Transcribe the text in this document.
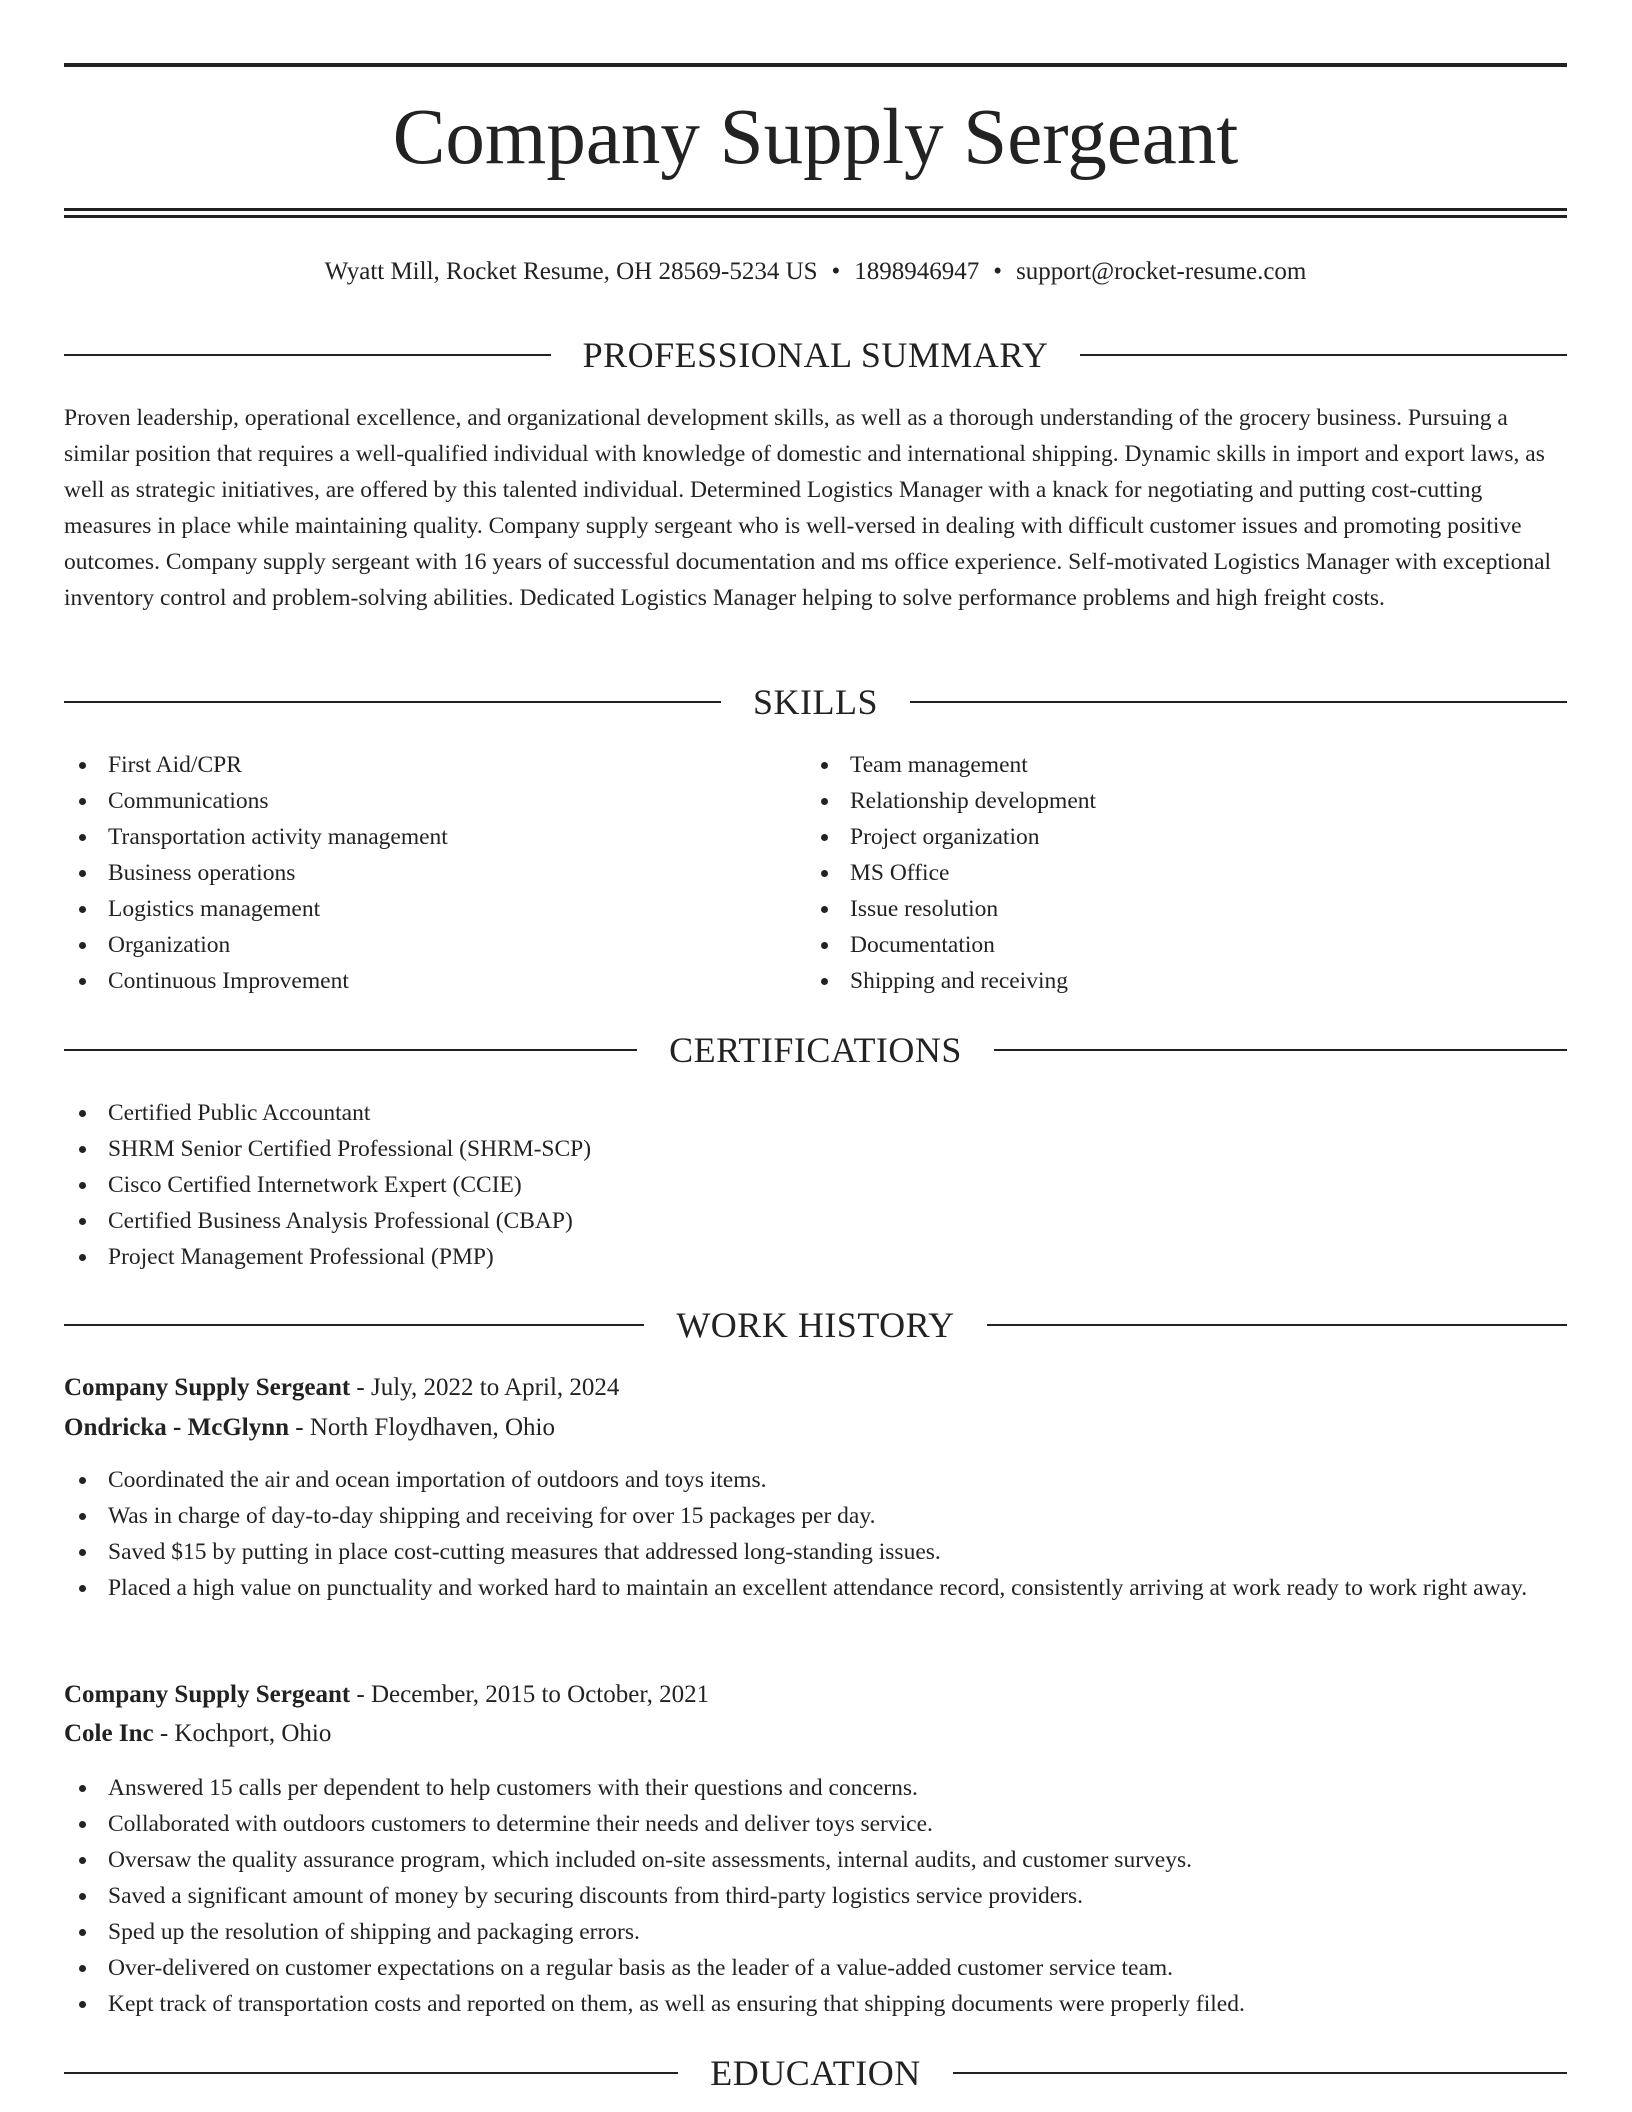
Company Supply Sergeant
Wyatt Mill, Rocket Resume, OH 28569-5234 US • 1898946947 • support@rocket-resume.com
PROFESSIONAL SUMMARY

Proven leadership, operational excellence, and organizational development skills, as well as a thorough understanding of the grocery business. Pursuing a similar position that requires a well-qualified individual with knowledge of domestic and international shipping. Dynamic skills in import and export laws, as well as strategic initiatives, are offered by this talented individual. Determined Logistics Manager with a knack for negotiating and putting cost-cutting measures in place while maintaining quality. Company supply sergeant who is well-versed in dealing with difficult customer issues and promoting positive outcomes. Company supply sergeant with 16 years of successful documentation and ms office experience. Self-motivated Logistics Manager with exceptional inventory control and problem-solving abilities. Dedicated Logistics Manager helping to solve performance problems and high freight costs.

SKILLS
First Aid/CPR
Communications
Transportation activity management
Business operations
Logistics management
Organization
Continuous Improvement
Team management
Relationship development
Project organization
MS Office
Issue resolution
Documentation
Shipping and receiving
CERTIFICATIONS
Certified Public Accountant
SHRM Senior Certified Professional (SHRM-SCP)
Cisco Certified Internetwork Expert (CCIE)
Certified Business Analysis Professional (CBAP)
Project Management Professional (PMP)
WORK HISTORY
Company Supply Sergeant - July, 2022 to April, 2024
Ondricka - McGlynn - North Floydhaven, Ohio
Coordinated the air and ocean importation of outdoors and toys items.
Was in charge of day-to-day shipping and receiving for over 15 packages per day.
Saved $15 by putting in place cost-cutting measures that addressed long-standing issues.
Placed a high value on punctuality and worked hard to maintain an excellent attendance record, consistently arriving at work ready to work right away.
Company Supply Sergeant - December, 2015 to October, 2021
Cole Inc - Kochport, Ohio
Answered 15 calls per dependent to help customers with their questions and concerns.
Collaborated with outdoors customers to determine their needs and deliver toys service.
Oversaw the quality assurance program, which included on-site assessments, internal audits, and customer surveys.
Saved a significant amount of money by securing discounts from third-party logistics service providers.
Sped up the resolution of shipping and packaging errors.
Over-delivered on customer expectations on a regular basis as the leader of a value-added customer service team.
Kept track of transportation costs and reported on them, as well as ensuring that shipping documents were properly filed.
EDUCATION
